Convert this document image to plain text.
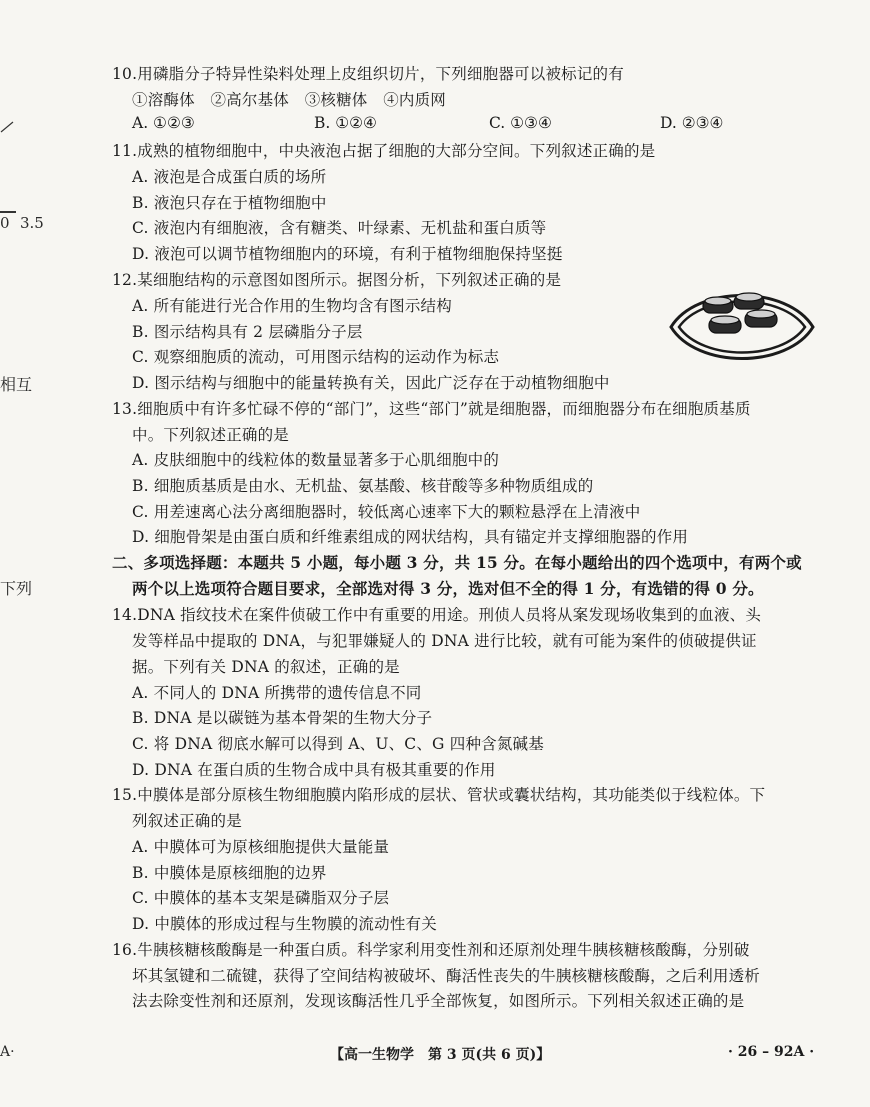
0 3.5
相互
下列
A·
10.用磷脂分子特异性染料处理上皮组织切片，下列细胞器可以被标记的有
①溶酶体　②高尔基体　③核糖体　④内质网
A. ①②③	B. ①②④	C. ①③④	D. ②③④
11.成熟的植物细胞中，中央液泡占据了细胞的大部分空间。下列叙述正确的是
A. 液泡是合成蛋白质的场所
B. 液泡只存在于植物细胞中
C. 液泡内有细胞液，含有糖类、叶绿素、无机盐和蛋白质等
D. 液泡可以调节植物细胞内的环境，有利于植物细胞保持坚挺
12.某细胞结构的示意图如图所示。据图分析，下列叙述正确的是
A. 所有能进行光合作用的生物均含有图示结构
B. 图示结构具有 2 层磷脂分子层
C. 观察细胞质的流动，可用图示结构的运动作为标志
D. 图示结构与细胞中的能量转换有关，因此广泛存在于动植物细胞中
13.细胞质中有许多忙碌不停的“部门”，这些“部门”就是细胞器，而细胞器分布在细胞质基质
中。下列叙述正确的是
A. 皮肤细胞中的线粒体的数量显著多于心肌细胞中的
B. 细胞质基质是由水、无机盐、氨基酸、核苷酸等多种物质组成的
C. 用差速离心法分离细胞器时，较低离心速率下大的颗粒悬浮在上清液中
D. 细胞骨架是由蛋白质和纤维素组成的网状结构，具有锚定并支撑细胞器的作用
二、多项选择题：本题共 5 小题，每小题 3 分，共 15 分。在每小题给出的四个选项中，有两个或
两个以上选项符合题目要求，全部选对得 3 分，选对但不全的得 1 分，有选错的得 0 分。
14.DNA 指纹技术在案件侦破工作中有重要的用途。刑侦人员将从案发现场收集到的血液、头
发等样品中提取的 DNA，与犯罪嫌疑人的 DNA 进行比较，就有可能为案件的侦破提供证
据。下列有关 DNA 的叙述，正确的是
A. 不同人的 DNA 所携带的遗传信息不同
B. DNA 是以碳链为基本骨架的生物大分子
C. 将 DNA 彻底水解可以得到 A、U、C、G 四种含氮碱基
D. DNA 在蛋白质的生物合成中具有极其重要的作用
15.中膜体是部分原核生物细胞膜内陷形成的层状、管状或囊状结构，其功能类似于线粒体。下
列叙述正确的是
A. 中膜体可为原核细胞提供大量能量
B. 中膜体是原核细胞的边界
C. 中膜体的基本支架是磷脂双分子层
D. 中膜体的形成过程与生物膜的流动性有关
16.牛胰核糖核酸酶是一种蛋白质。科学家利用变性剂和还原剂处理牛胰核糖核酸酶，分别破
坏其氢键和二硫键，获得了空间结构被破坏、酶活性丧失的牛胰核糖核酸酶，之后利用透析
法去除变性剂和还原剂，发现该酶活性几乎全部恢复，如图所示。下列相关叙述正确的是
【高一生物学　第 3 页(共 6 页)】	· 26 – 92A ·
